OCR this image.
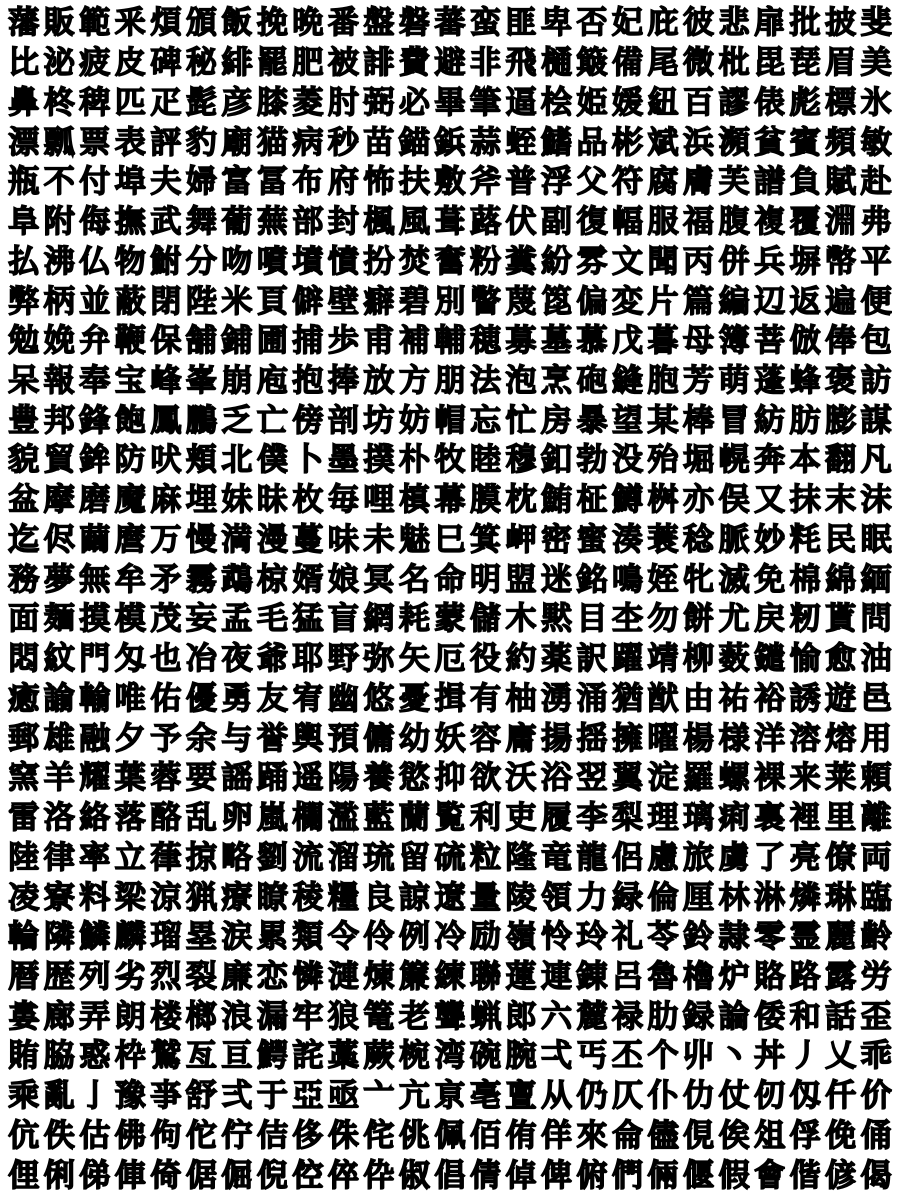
藩 販 範 釆 煩 頒 飯 挽 晩 番 盤 磐 蕃 蛮 匪 卑 否 妃 庇 彼 悲 扉 批 披 斐
比 泌 疲 皮 碑 秘 緋 罷 肥 被 誹 費 避 非 飛 樋 簸 備 尾 微 枇 毘 琵 眉 美
鼻 柊 稗 匹 疋 髭 彦 膝 菱 肘 弼 必 畢 筆 逼 桧 姫 媛 紐 百 謬 俵 彪 標 氷
漂 瓢 票 表 評 豹 廟 猫 病 秒 苗 錨 鋲 蒜 蛭 鰭 品 彬 斌 浜 瀕 貧 賓 頻 敏
瓶 不 付 埠 夫 婦 富 冨 布 府 怖 扶 敷 斧 普 浮 父 符 腐 膚 芙 譜 負 賦 赴
阜 附 侮 撫 武 舞 葡 蕪 部 封 楓 風 葺 蕗 伏 副 復 幅 服 福 腹 複 覆 淵 弗
払 沸 仏 物 鮒 分 吻 噴 墳 憤 扮 焚 奮 粉 糞 紛 雰 文 聞 丙 併 兵 塀 幣 平
弊 柄 並 蔽 閉 陛 米 頁 僻 壁 癖 碧 別 瞥 蔑 箆 偏 変 片 篇 編 辺 返 遍 便
勉 娩 弁 鞭 保 舗 鋪 圃 捕 歩 甫 補 輔 穂 募 墓 慕 戊 暮 母 簿 菩 倣 俸 包
呆 報 奉 宝 峰 峯 崩 庖 抱 捧 放 方 朋 法 泡 烹 砲 縫 胞 芳 萌 蓬 蜂 褒 訪
豊 邦 鋒 飽 鳳 鵬 乏 亡 傍 剖 坊 妨 帽 忘 忙 房 暴 望 某 棒 冒 紡 肪 膨 謀
貌 貿 鉾 防 吠 頬 北 僕 卜 墨 撲 朴 牧 睦 穆 釦 勃 没 殆 堀 幌 奔 本 翻 凡
盆 摩 磨 魔 麻 埋 妹 昧 枚 毎 哩 槙 幕 膜 枕 鮪 柾 鱒 桝 亦 俣 又 抹 末 沫
迄 侭 繭 麿 万 慢 満 漫 蔓 味 未 魅 巳 箕 岬 密 蜜 湊 蓑 稔 脈 妙 粍 民 眠
務 夢 無 牟 矛 霧 鵡 椋 婿 娘 冥 名 命 明 盟 迷 銘 鳴 姪 牝 滅 免 棉 綿 緬
面 麺 摸 模 茂 妄 孟 毛 猛 盲 網 耗 蒙 儲 木 黙 目 杢 勿 餅 尤 戻 籾 貰 問
悶 紋 門 匁 也 冶 夜 爺 耶 野 弥 矢 厄 役 約 薬 訳 躍 靖 柳 薮 鑓 愉 愈 油
癒 諭 輸 唯 佑 優 勇 友 宥 幽 悠 憂 揖 有 柚 湧 涌 猶 猷 由 祐 裕 誘 遊 邑
郵 雄 融 夕 予 余 与 誉 輿 預 傭 幼 妖 容 庸 揚 揺 擁 曜 楊 様 洋 溶 熔 用
窯 羊 耀 葉 蓉 要 謡 踊 遥 陽 養 慾 抑 欲 沃 浴 翌 翼 淀 羅 螺 裸 来 莱 頼
雷 洛 絡 落 酪 乱 卵 嵐 欄 濫 藍 蘭 覧 利 吏 履 李 梨 理 璃 痢 裏 裡 里 離
陸 律 率 立 葎 掠 略 劉 流 溜 琉 留 硫 粒 隆 竜 龍 侶 慮 旅 虜 了 亮 僚 両
凌 寮 料 梁 涼 猟 療 瞭 稜 糧 良 諒 遼 量 陵 領 力 緑 倫 厘 林 淋 燐 琳 臨
輪 隣 鱗 麟 瑠 塁 涙 累 類 令 伶 例 冷 励 嶺 怜 玲 礼 苓 鈴 隷 零 霊 麗 齢
暦 歴 列 劣 烈 裂 廉 恋 憐 漣 煉 簾 練 聯 蓮 連 錬 呂 魯 櫓 炉 賂 路 露 労
婁 廊 弄 朗 楼 榔 浪 漏 牢 狼 篭 老 聾 蝋 郎 六 麓 禄 肋 録 論 倭 和 話 歪
賄 脇 惑 枠 鷲 亙 亘 鰐 詫 藁 蕨 椀 湾 碗 腕 弌 丐 丕 个 丱 丶 丼 丿 乂 乖
乘 亂 亅 豫 亊 舒 弍 于 亞 亟 亠 亢 亰 亳 亶 从 仍 仄 仆 仂 仗 仞 仭 仟 价
伉 佚 估 佛 佝 佗 佇 佶 侈 侏 侘 佻 佩 佰 侑 佯 來 侖 儘 俔 俟 俎 俘 俛 俑
俚 俐 俤 俥 倚 倨 倔 倪 倥 倅 伜 俶 倡 倩 倬 俾 俯 們 倆 偃 假 會 偕 偐 偈
